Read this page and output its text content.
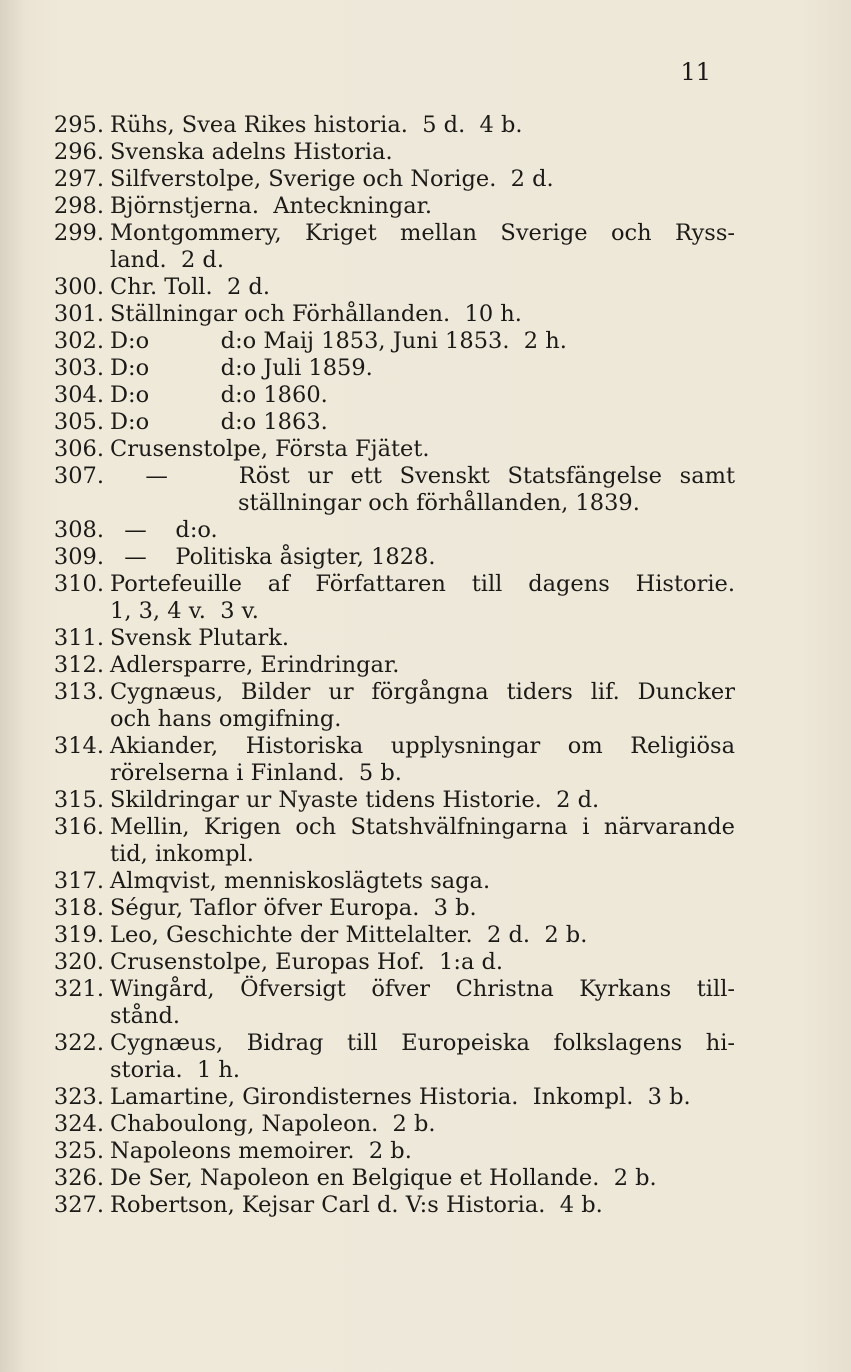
11
295. Rühs, Svea Rikes historia.  5 d.  4 b.
296. Svenska adelns Historia.
297. Silfverstolpe, Sverige och Norige.  2 d.
298. Björnstjerna.  Anteckningar.
299. Montgommery, Kriget mellan Sverige och Ryss-
land.  2 d.
300. Chr. Toll.  2 d.
301. Ställningar och Förhållanden.  10 h.
302. D:o          d:o Maij 1853, Juni 1853.  2 h.
303. D:o          d:o Juli 1859.
304. D:o          d:o 1860.
305. D:o          d:o 1863.
306. Crusenstolpe, Första Fjätet.
307. —    Röst ur ett Svenskt Statsfängelse samt
ställningar och förhållanden, 1839.
308. —    d:o.
309. —    Politiska åsigter, 1828.
310. Portefeuille af Författaren till dagens Historie.
1, 3, 4 v.  3 v.
311. Svensk Plutark.
312. Adlersparre, Erindringar.
313. Cygnæus, Bilder ur förgångna tiders lif. Duncker
och hans omgifning.
314. Akiander, Historiska upplysningar om Religiösa
rörelserna i Finland.  5 b.
315. Skildringar ur Nyaste tidens Historie.  2 d.
316. Mellin, Krigen och Statshvälfningarna i närvarande
tid, inkompl.
317. Almqvist, menniskoslägtets saga.
318. Ségur, Taflor öfver Europa.  3 b.
319. Leo, Geschichte der Mittelalter.  2 d.  2 b.
320. Crusenstolpe, Europas Hof.  1:a d.
321. Wingård, Öfversigt öfver Christna Kyrkans till-
stånd.
322. Cygnæus, Bidrag till Europeiska folkslagens hi-
storia.  1 h.
323. Lamartine, Girondisternes Historia.  Inkompl.  3 b.
324. Chaboulong, Napoleon.  2 b.
325. Napoleons memoirer.  2 b.
326. De Ser, Napoleon en Belgique et Hollande.  2 b.
327. Robertson, Kejsar Carl d. V:s Historia.  4 b.
